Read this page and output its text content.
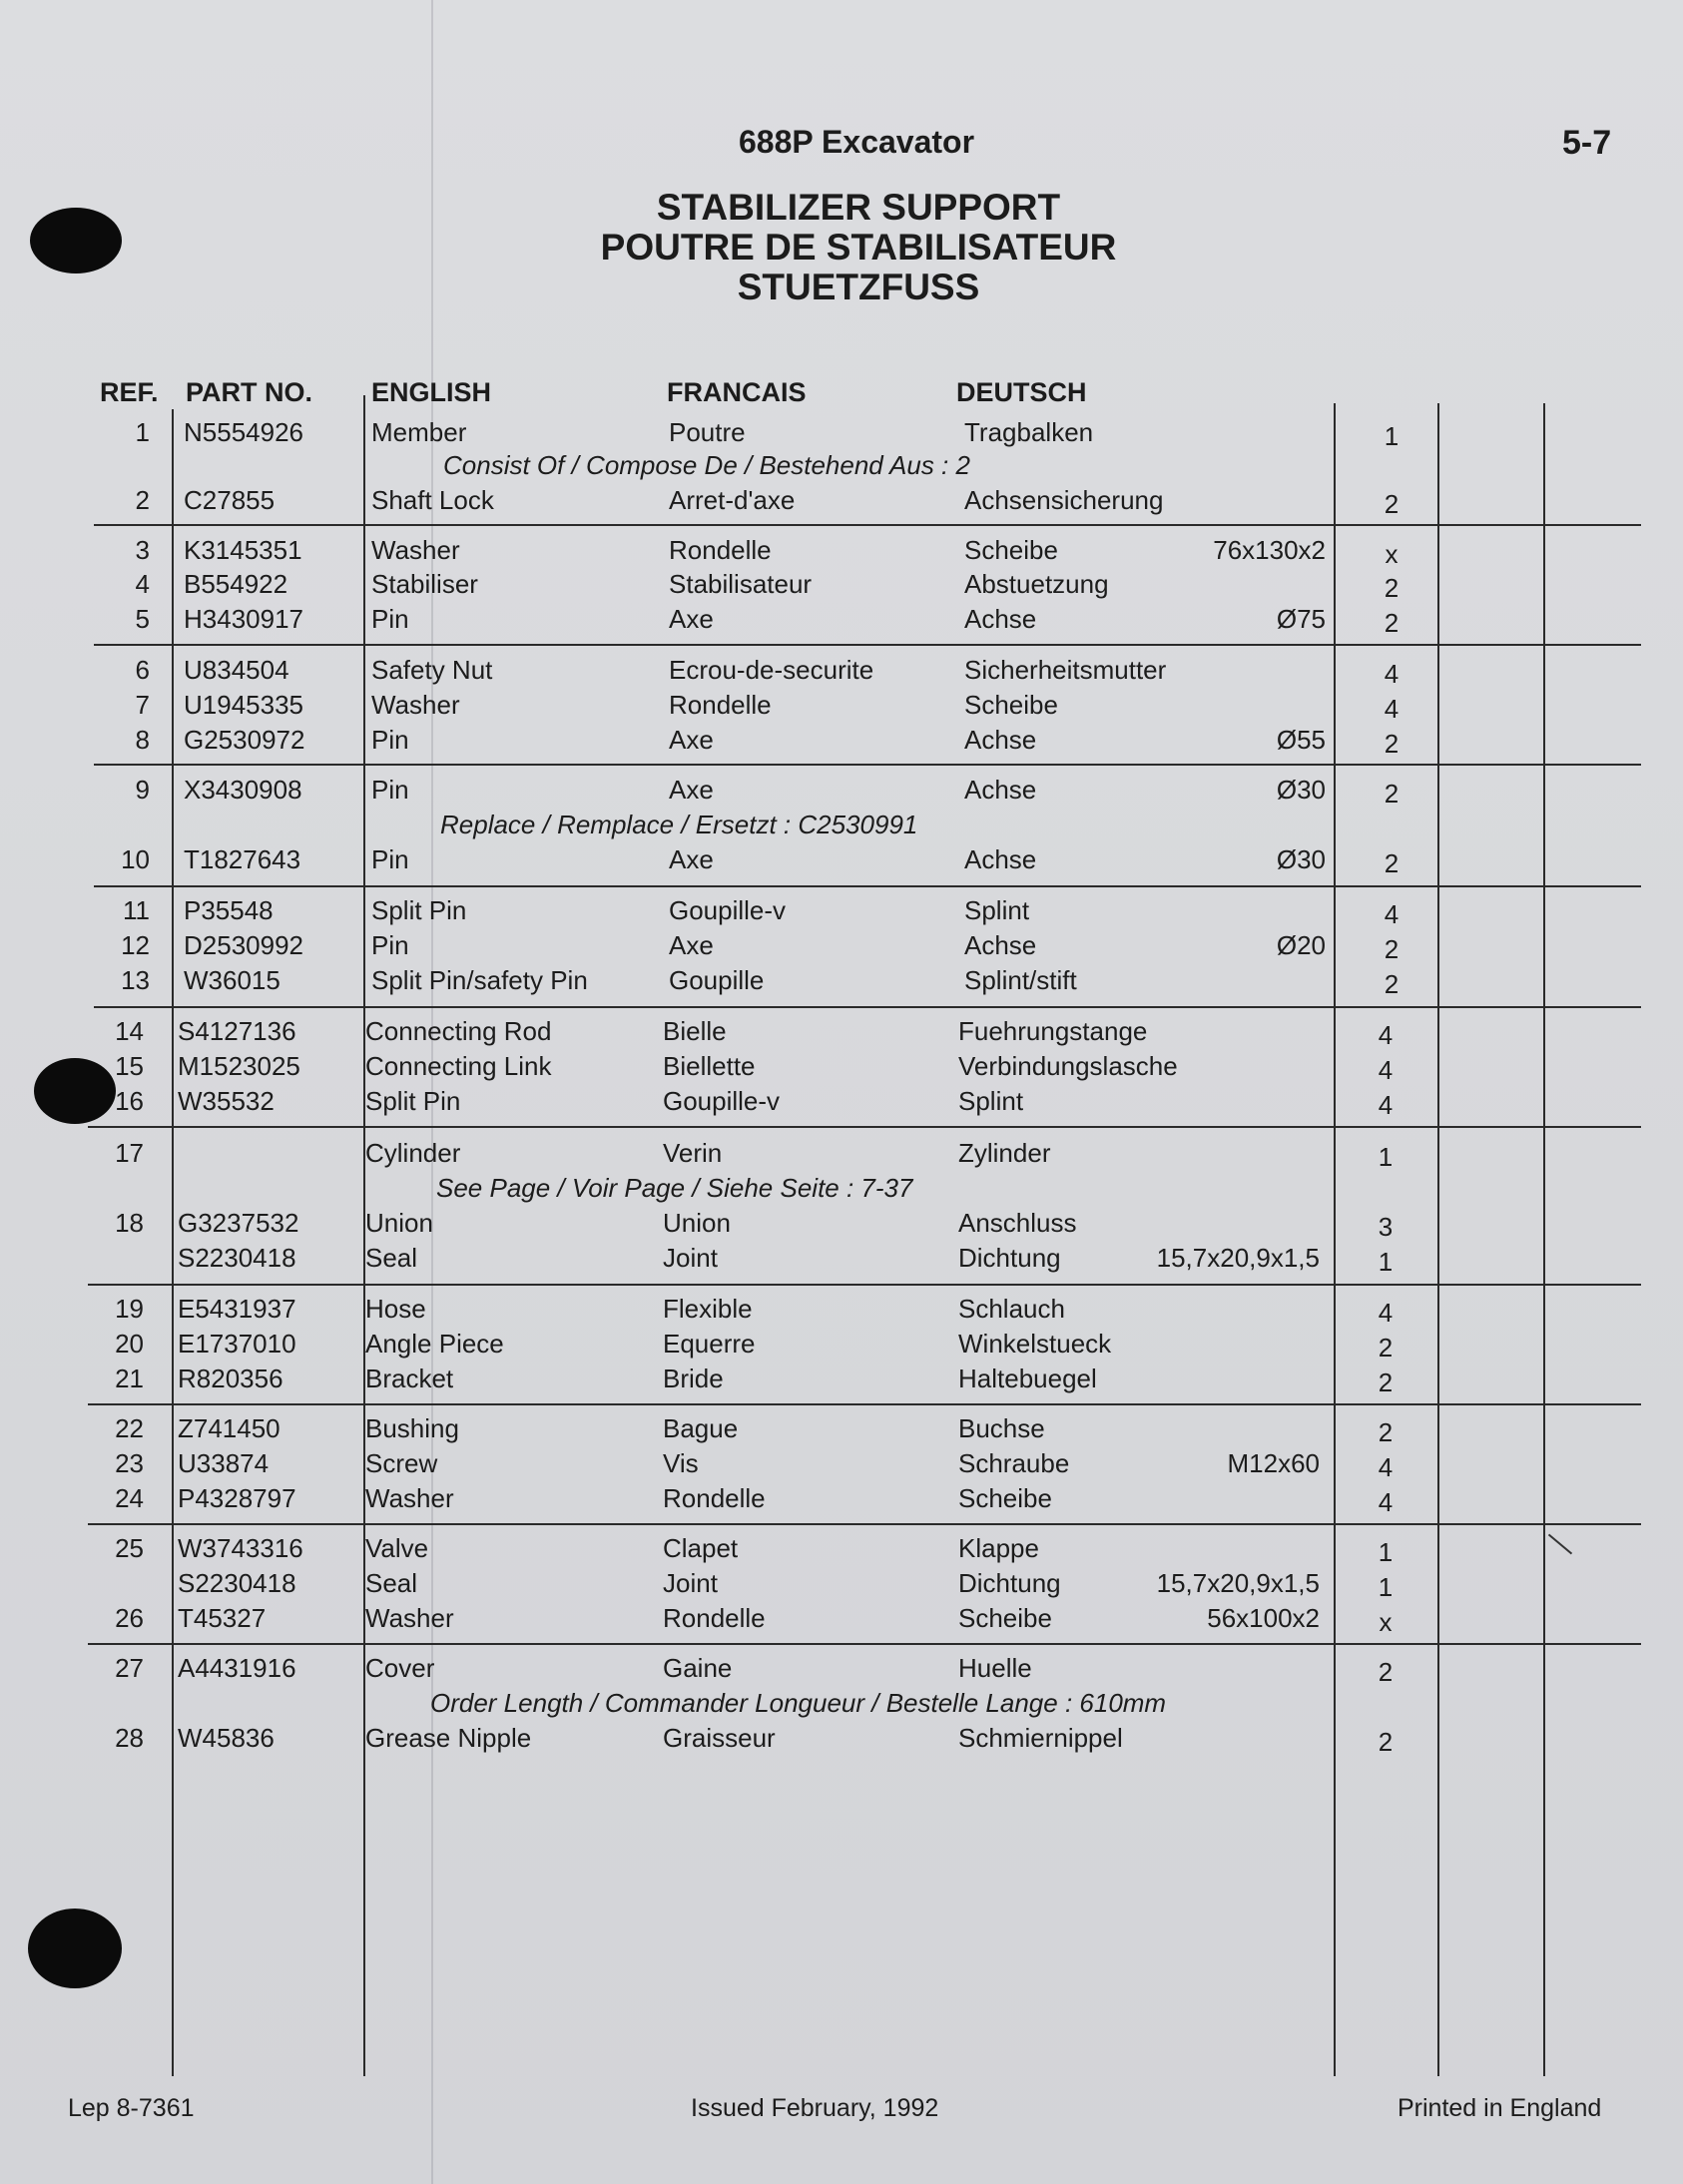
688P Excavator	5-7
STABILIZER SUPPORT
POUTRE DE STABILISATEUR
STUETZFUSS
REF. PART NO. ENGLISH	FRANCAIS	DEUTSCH
1 N5554926	Member	Poutre	Tragbalken	1
2 C27855	Shaft Lock	Arret-d'axe	Achsensicherung	2
3 K3145351	Washer	Rondelle	Scheibe	76x130x2	x
4 B554922	Stabiliser	Stabilisateur	Abstuetzung	2
5 H3430917	Pin	Axe	Achse	Ø75	2
6 U834504	Safety Nut	Ecrou-de-securite	Sicherheitsmutter	4
7 U1945335	Washer	Rondelle	Scheibe	4
8 G2530972	Pin	Axe	Achse	Ø55	2
9 X3430908	Pin	Axe	Achse	Ø30	2
10 T1827643	Pin	Axe	Achse	Ø30	2
11 P35548	Split Pin	Goupille-v	Splint	4
12 D2530992	Pin	Axe	Achse	Ø20	2
13 W36015	Split Pin/safety Pin	Goupille	Splint/stift	2
14 S4127136	Connecting Rod	Bielle	Fuehrungstange	4
15 M1523025	Connecting Link	Biellette	Verbindungslasche	4
16 W35532	Split Pin	Goupille-v	Splint	4
17	Cylinder	Verin	Zylinder	1
18 G3237532	Union	Union	Anschluss	3
S2230418	Seal	Joint	Dichtung	15,7x20,9x1,5	1
19 E5431937	Hose	Flexible	Schlauch	4
20 E1737010	Angle Piece	Equerre	Winkelstueck	2
21 R820356	Bracket	Bride	Haltebuegel	2
22 Z741450	Bushing	Bague	Buchse	2
23 U33874	Screw	Vis	Schraube	M12x60	4
24 P4328797	Washer	Rondelle	Scheibe	4
25 W3743316 Valve	Clapet	Klappe	1
S2230418	Seal	Joint	Dichtung	15,7x20,9x1,5	1
26 T45327	Washer	Rondelle	Scheibe	56x100x2	x
27 A4431916	Cover	Gaine	Huelle	2
28 W45836	Grease Nipple	Graisseur	Schmiernippel	2
Consist Of / Compose De / Bestehend Aus : 2
Replace / Remplace / Ersetzt : C2530991
See Page / Voir Page / Siehe Seite : 7-37
Order Length / Commander Longueur / Bestelle Lange : 610mm
Lep 8-7361	Issued February, 1992	Printed in England
